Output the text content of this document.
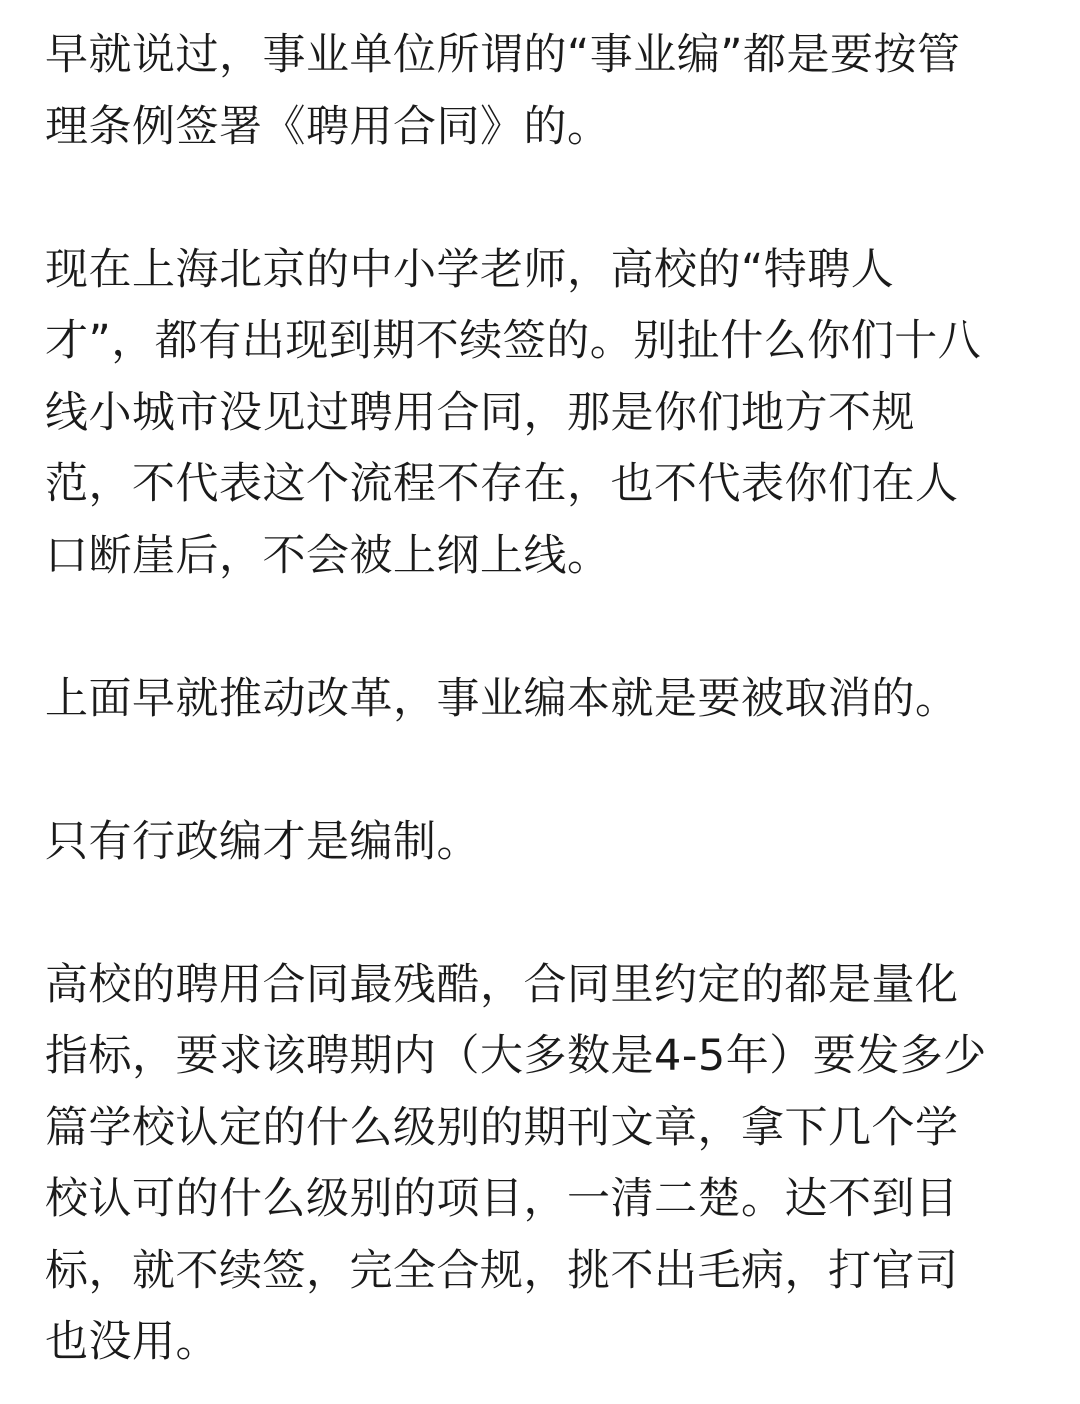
早就说过，事业单位所谓的“事业编”都是要按管
理条例签署《聘用合同》的。
现在上海北京的中小学老师，高校的“特聘人
才”，都有出现到期不续签的。别扯什么你们十八
线小城市没见过聘用合同，那是你们地方不规
范，不代表这个流程不存在，也不代表你们在人
口断崖后，不会被上纲上线。
上面早就推动改革，事业编本就是要被取消的。
只有行政编才是编制。
高校的聘用合同最残酷，合同里约定的都是量化
指标，要求该聘期内（大多数是4-5年）要发多少
篇学校认定的什么级别的期刊文章，拿下几个学
校认可的什么级别的项目，一清二楚。达不到目
标，就不续签，完全合规，挑不出毛病，打官司
也没用。
